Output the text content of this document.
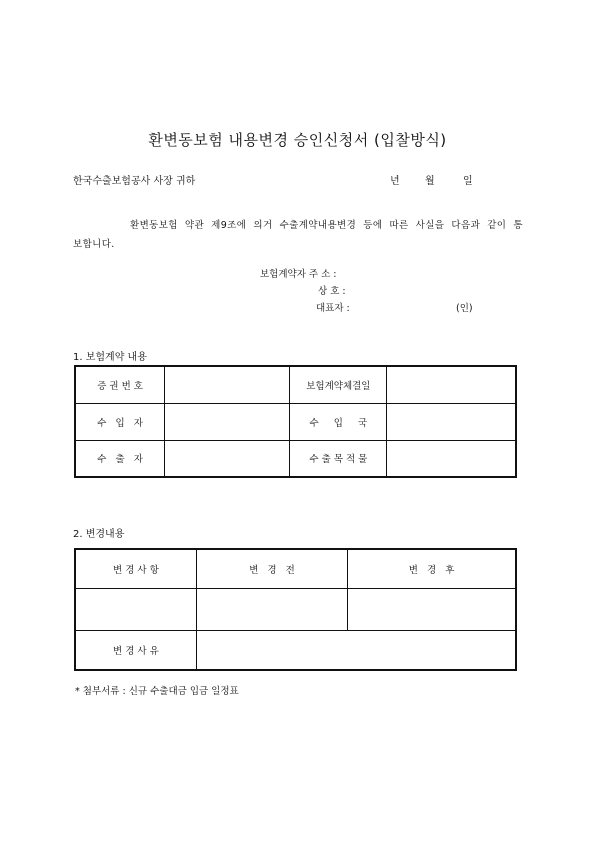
환변동보험 내용변경 승인신청서 (입찰방식)
한국수출보험공사 사장 귀하	년	월	일
환변동보험 약관 제9조에 의거 수출계약내용변경 등에 따른 사실을 다음과 같이 통보합니다.
보험계약자 주 소 :
상 호 :
대표자 :	(인)
1. 보험계약 내용
증 권 번 호		보험계약체결일	
수   입   자		수     입     국	
수   출   자		수 출 목 적 물	
2. 변경내용
변 경 사 항	변   경   전	변   경   후

변 경 사 유		
* 첨부서류 : 신규 수출대금 입금 일정표
